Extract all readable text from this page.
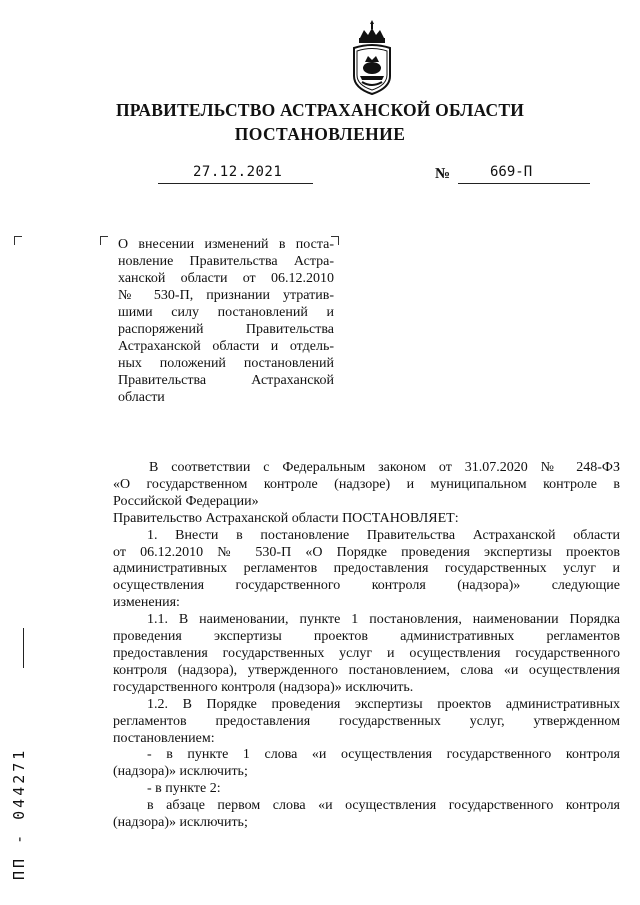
ПРАВИТЕЛЬСТВО АСТРАХАНСКОЙ ОБЛАСТИ
ПОСТАНОВЛЕНИЕ
27.12.2021	№	669-П
О внесении изменений в поста-
новление Правительства Астра-
ханской области от 06.12.2010
№ 530-П, признании утратив-
шими силу постановлений и
распоряжений Правительства
Астраханской области и отдель-
ных положений постановлений
Правительства Астраханской
области
В соответствии с Федеральным законом от 31.07.2020 № 248-ФЗ
«О государственном контроле (надзоре) и муниципальном контроле в
Российской Федерации»
Правительство Астраханской области ПОСТАНОВЛЯЕТ:
1. Внести в постановление Правительства Астраханской области
от 06.12.2010 № 530-П «О Порядке проведения экспертизы проектов
административных регламентов предоставления государственных услуг и
осуществления государственного контроля (надзора)» следующие
изменения:
1.1. В наименовании, пункте 1 постановления, наименовании Порядка
проведения экспертизы проектов административных регламентов
предоставления государственных услуг и осуществления государственного
контроля (надзора), утвержденного постановлением, слова «и осуществления
государственного контроля (надзора)» исключить.
1.2. В Порядке проведения экспертизы проектов административных
регламентов предоставления государственных услуг, утвержденном
постановлением:
- в пункте 1 слова «и осуществления государственного контроля
(надзора)» исключить;
- в пункте 2:
в абзаце первом слова «и осуществления государственного контроля
(надзора)» исключить;
ПП - 044271
